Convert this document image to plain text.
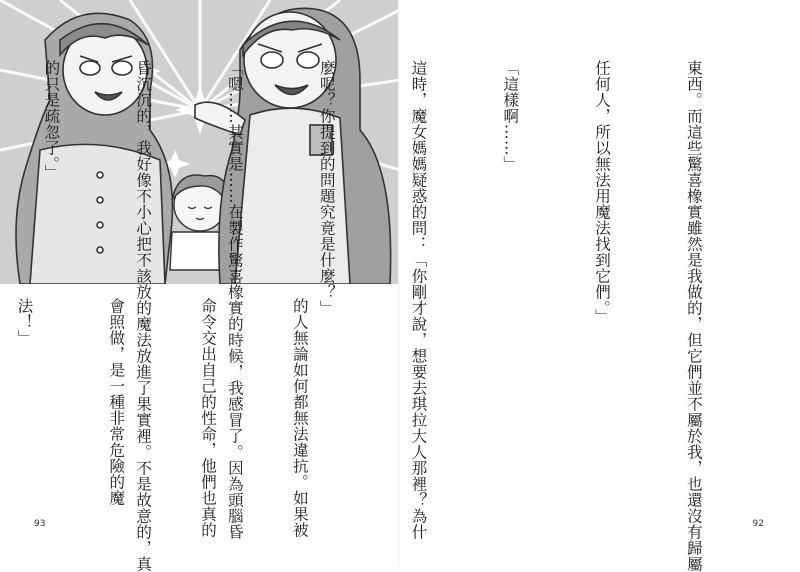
的人無論如何都無法違抗。如果被

命令交出自己的性命，他們也真的

會照做，是一種非常危險的魔

法！」

93

	東西。而這些驚喜橡實雖然是我做的，但它們並不屬於我，也還沒有歸屬

任何人，所以無法用魔法找到它們。」

「這樣啊……」

這時，魔女媽媽疑惑的問：「你剛才說，想要去琪拉大人那裡？為什

麼呢？你提到的問題究竟是什麼？」

「嗯……其實是……在製作驚喜橡實的時候，我感冒了。因為頭腦昏

昏沉沉的，我好像不小心把不該放的魔法放進了果實裡。不是故意的，真

的只是疏忽了。」

92
